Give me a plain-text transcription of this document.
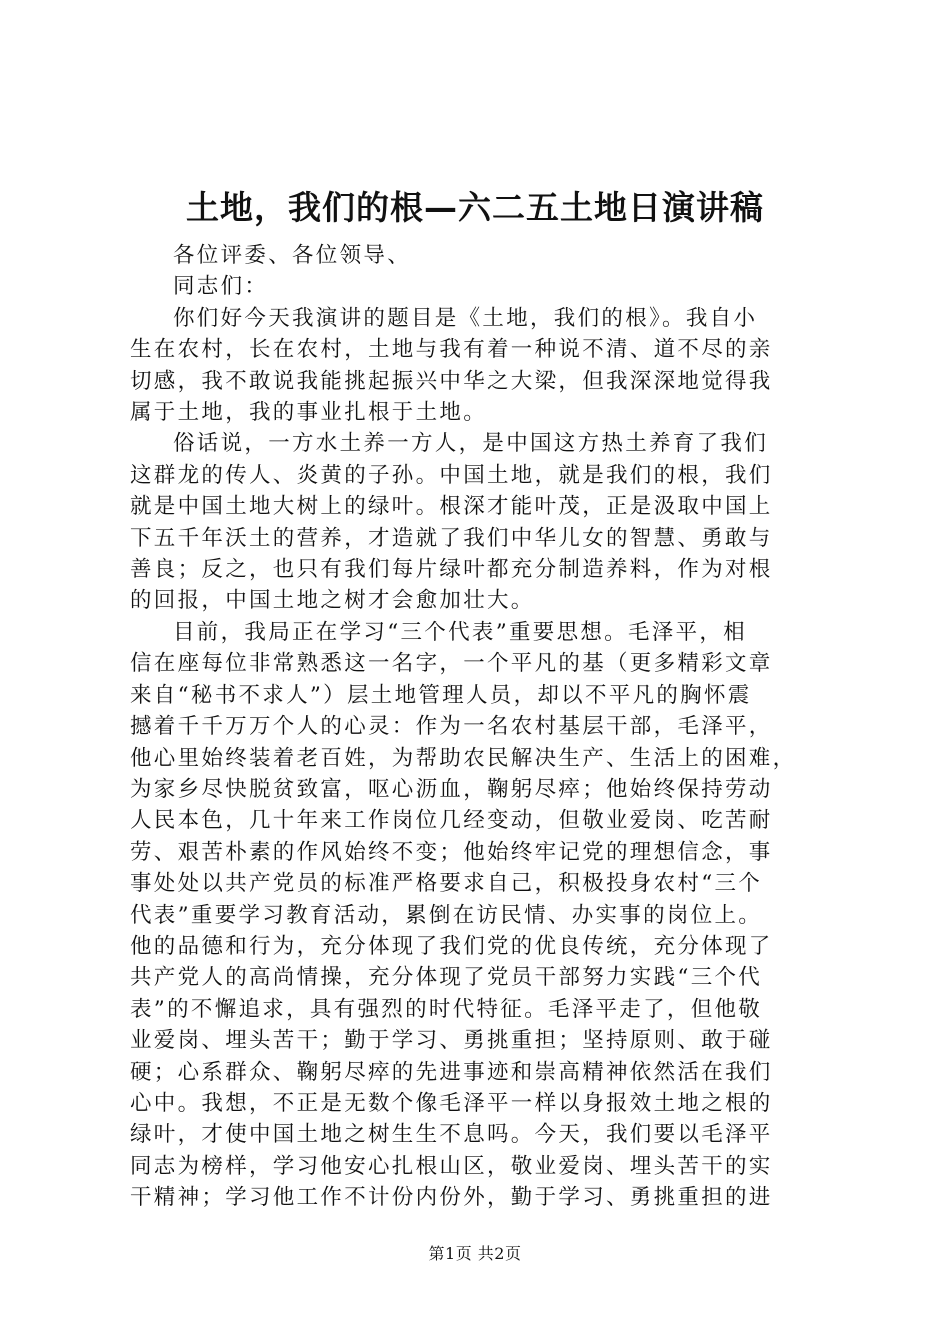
土地，我们的根—六二五土地日演讲稿
各位评委、各位领导、
同志们：
你们好今天我演讲的题目是《土地，我们的根》。我自小
生在农村，长在农村，土地与我有着一种说不清、道不尽的亲
切感，我不敢说我能挑起振兴中华之大梁，但我深深地觉得我
属于土地，我的事业扎根于土地。
俗话说，一方水土养一方人，是中国这方热土养育了我们
这群龙的传人、炎黄的子孙。中国土地，就是我们的根，我们
就是中国土地大树上的绿叶。根深才能叶茂，正是汲取中国上
下五千年沃土的营养，才造就了我们中华儿女的智慧、勇敢与
善良；反之，也只有我们每片绿叶都充分制造养料，作为对根
的回报，中国土地之树才会愈加壮大。
目前，我局正在学习“三个代表”重要思想。毛泽平，相
信在座每位非常熟悉这一名字，一个平凡的基（更多精彩文章
来自“秘书不求人”）层土地管理人员，却以不平凡的胸怀震
撼着千千万万个人的心灵：作为一名农村基层干部，毛泽平，
他心里始终装着老百姓，为帮助农民解决生产、生活上的困难，
为家乡尽快脱贫致富，呕心沥血，鞠躬尽瘁；他始终保持劳动
人民本色，几十年来工作岗位几经变动，但敬业爱岗、吃苦耐
劳、艰苦朴素的作风始终不变；他始终牢记党的理想信念，事
事处处以共产党员的标准严格要求自己，积极投身农村“三个
代表”重要学习教育活动，累倒在访民情、办实事的岗位上。
他的品德和行为，充分体现了我们党的优良传统，充分体现了
共产党人的高尚情操，充分体现了党员干部努力实践“三个代
表”的不懈追求，具有强烈的时代特征。毛泽平走了，但他敬
业爱岗、埋头苦干；勤于学习、勇挑重担；坚持原则、敢于碰
硬；心系群众、鞠躬尽瘁的先进事迹和崇高精神依然活在我们
心中。我想，不正是无数个像毛泽平一样以身报效土地之根的
绿叶，才使中国土地之树生生不息吗。今天，我们要以毛泽平
同志为榜样，学习他安心扎根山区，敬业爱岗、埋头苦干的实
干精神；学习他工作不计份内份外，勤于学习、勇挑重担的进
第1页 共2页
